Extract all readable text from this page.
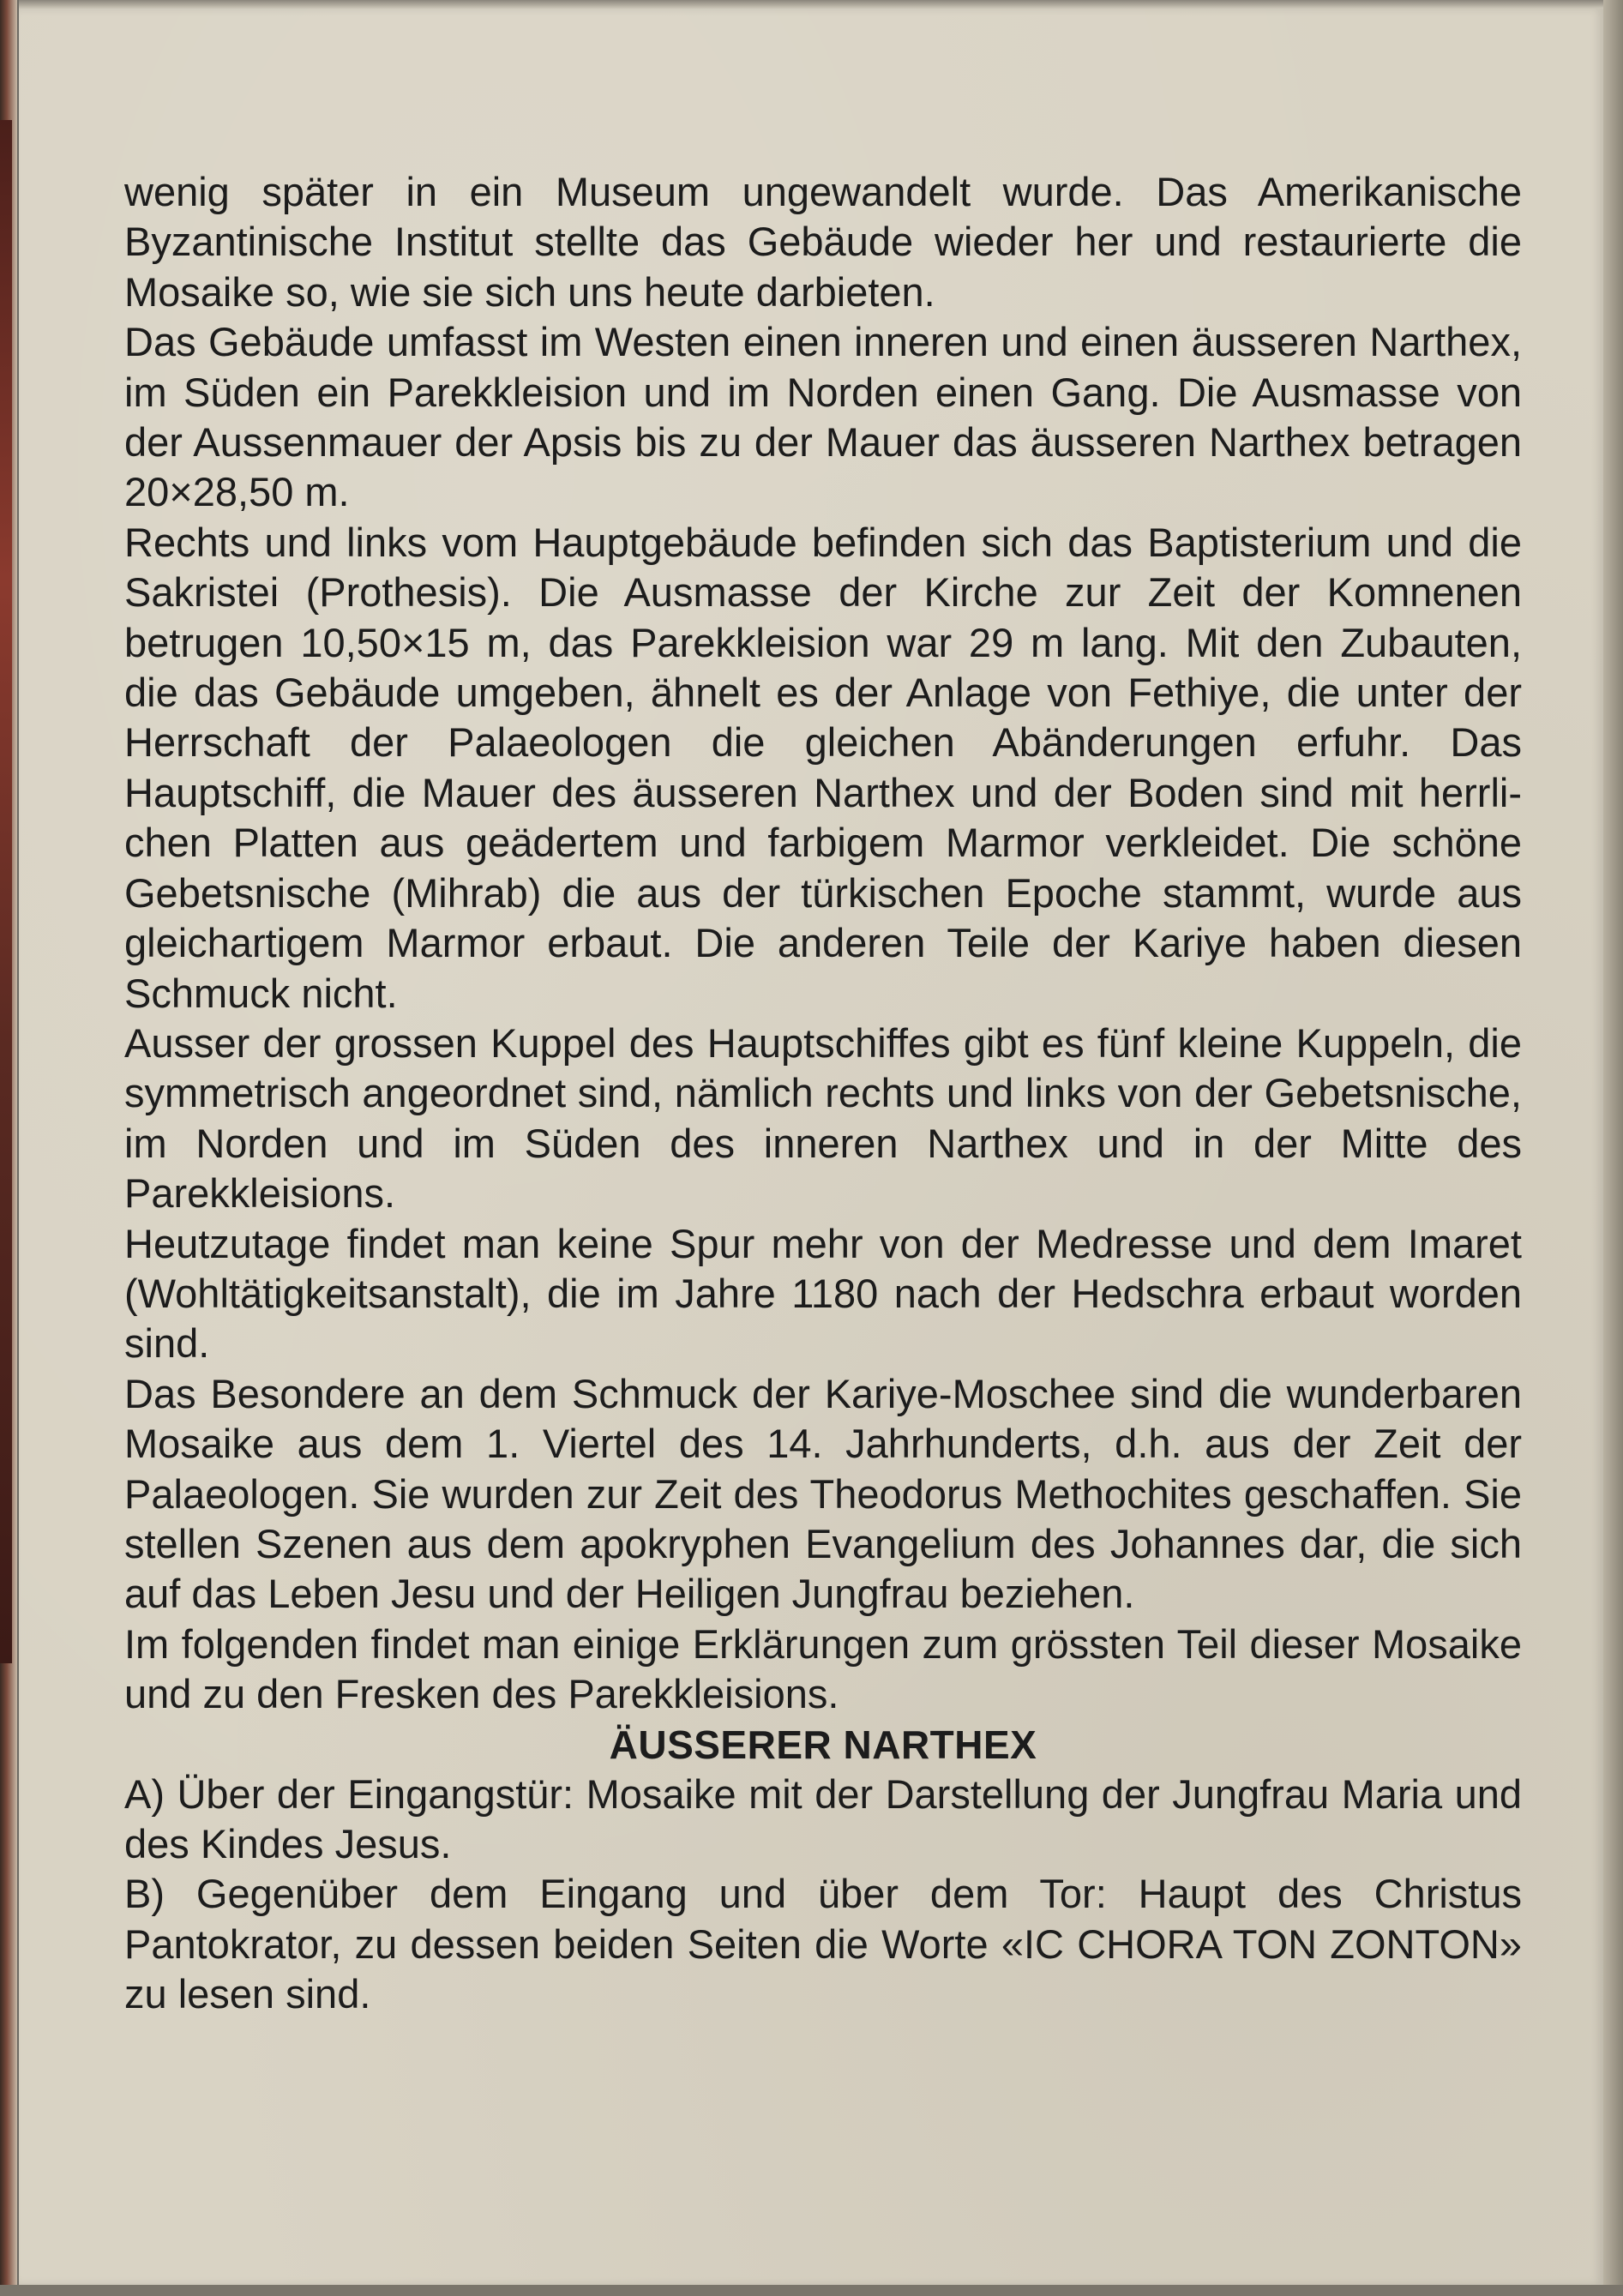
wenig später in ein Museum ungewandelt wurde. Das Amerikanische Byzantinische Institut stellte das Gebäude wieder her und restaurierte die Mosaike so, wie sie sich uns heute darbieten.

Das Gebäude umfasst im Westen einen inneren und einen äusseren Narthex, im Süden ein Parekkleision und im Norden einen Gang. Die Ausmasse von der Aussenmauer der Apsis bis zu der Mauer das äusseren Narthex betragen 20×28,50 m.

Rechts und links vom Hauptgebäude befinden sich das Baptisterium und die Sakristei (Prothesis). Die Ausmasse der Kirche zur Zeit der Komnenen betrugen 10,50×15 m, das Parekkleision war 29 m lang. Mit den Zubauten, die das Gebäude umgeben, ähnelt es der Anlage von Fethiye, die unter der Herrschaft der Palaeologen die gleichen Abänderungen erfuhr. Das Hauptschiff, die Mauer des äusseren Narthex und der Boden sind mit herrlichen Platten aus geädertem und farbigem Marmor verkleidet. Die schöne Gebetsnische (Mihrab) die aus der türkischen Epoche stammt, wurde aus gleichartigem Marmor erbaut. Die anderen Teile der Kariye haben diesen Schmuck nicht.

Ausser der grossen Kuppel des Hauptschiffes gibt es fünf kleine Kuppeln, die symmetrisch angeordnet sind, nämlich rechts und links von der Gebetsnische, im Norden und im Süden des inneren Narthex und in der Mitte des Parekkleisions.

Heutzutage findet man keine Spur mehr von der Medresse und dem Imaret (Wohltätigkeitsanstalt), die im Jahre 1180 nach der Hedschra erbaut worden sind.

Das Besondere an dem Schmuck der Kariye-Moschee sind die wunderbaren Mosaike aus dem 1. Viertel des 14. Jahrhunderts, d.h. aus der Zeit der Palaeologen. Sie wurden zur Zeit des Theodorus Methochites geschaffen. Sie stellen Szenen aus dem apokryphen Evangelium des Johannes dar, die sich auf das Leben Jesu und der Heiligen Jungfrau beziehen.

Im folgenden findet man einige Erklärungen zum grössten Teil dieser Mosaike und zu den Fresken des Parekkleisions.

ÄUSSERER NARTHEX

A) Über der Eingangstür: Mosaike mit der Darstellung der Jungfrau Maria und des Kindes Jesus.

B) Gegenüber dem Eingang und über dem Tor: Haupt des Christus Pantokrator, zu dessen beiden Seiten die Worte «IC CHORA TON ZONTON» zu lesen sind.
